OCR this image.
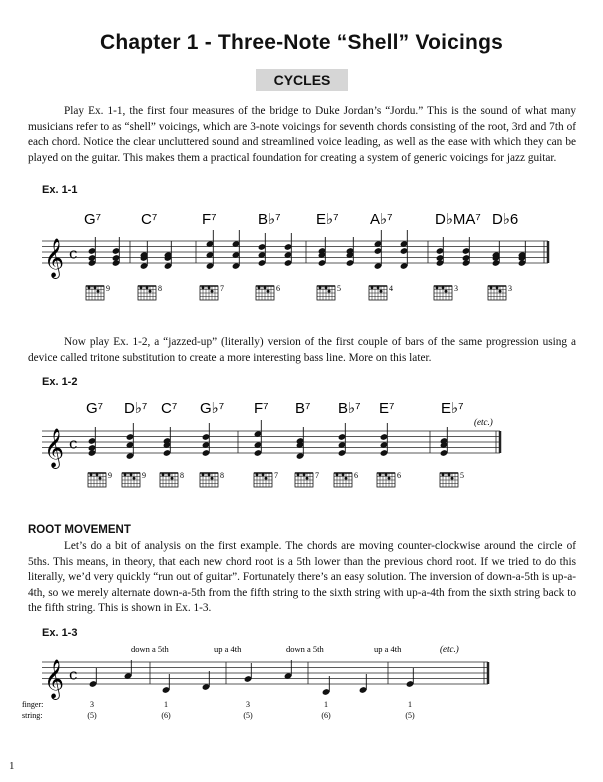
Chapter 1 - Three-Note “Shell” Voicings
CYCLES

Play Ex. 1-1, the first four measures of the bridge to Duke Jordan’s “Jordu.” This is the sound of what many musicians refer to as “shell” voicings, which are 3-note voicings for seventh chords consisting of the root, 3rd and 7th of each chord. Notice the clear uncluttered sound and streamlined voice leading, as well as the ease with which they can be played on the guitar. This makes them a practical foundation for creating a system of generic voicings for jazz guitar.

Ex. 1-1
𝄞 c
G⁷	C⁷	F⁷	B♭⁷ E♭⁷ A♭⁷	D♭MA⁷ D♭6
9	8	7	6	5	4	3	3

Now play Ex. 1-2, a “jazzed-up” (literally) version of the first couple of bars of the same progression using a device called tritone substitution to create a more interesting bass line. More on this later.

Ex. 1-2
𝄞 c
G⁷ D♭⁷ C⁷ G♭⁷ F⁷ B⁷ B♭⁷ E⁷	E♭⁷
(etc.)
9	9	8	8	7	7	6	6	5
ROOT MOVEMENT

Let’s do a bit of analysis on the first example. The chords are moving counter-clockwise around the circle of 5ths. This means, in theory, that each new chord root is a 5th lower than the previous chord root. If we tried to do this literally, we’d very quickly “run out of guitar”. Fortunately there’s an easy solution. The inversion of down-a-5th is up-a-4th, so we merely alternate down-a-5th from the fifth string to the sixth string with up-a-4th from the sixth string back to the fifth string. This is shown in Ex. 1-3.

Ex. 1-3
𝄞 c
down a 5th	up a 4th	down a 5th	up a 4th	(etc.)
finger:
string:
3	1	3	1	1
(5)	(6)	(5)	(6)	(5)
1
